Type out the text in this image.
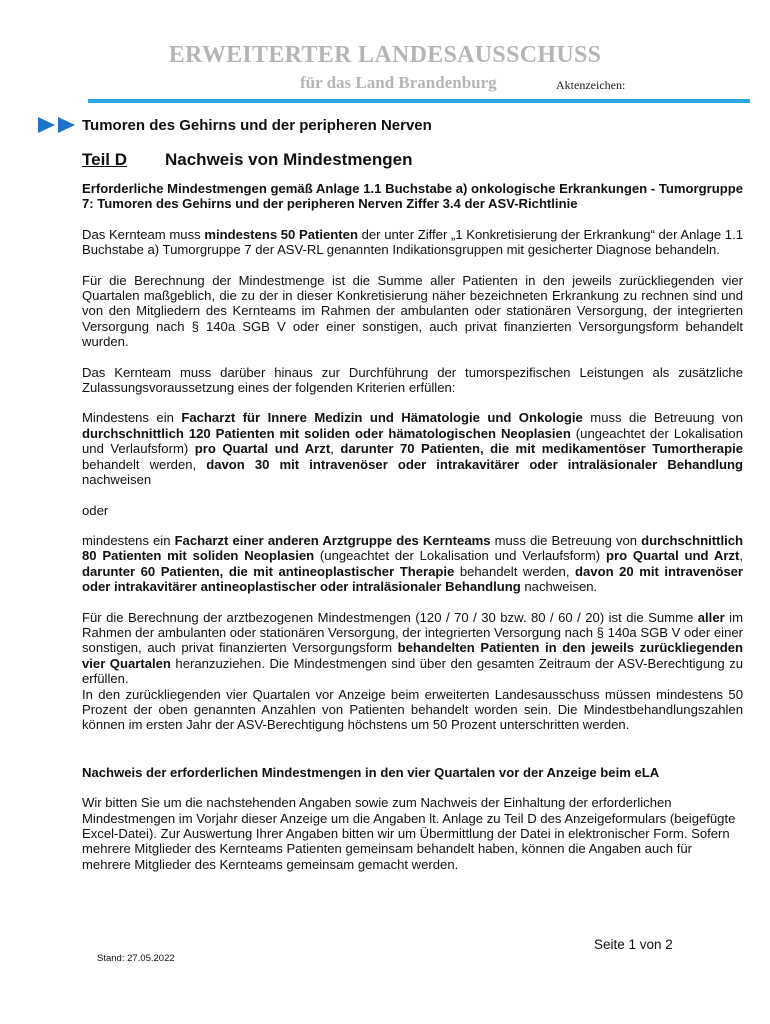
ERWEITERTER LANDESAUSSCHUSS
für das Land Brandenburg	Aktenzeichen:
Tumoren des Gehirns und der peripheren Nerven
Teil D Nachweis von Mindestmengen

Erforderliche Mindestmengen gemäß Anlage 1.1 Buchstabe a) onkologische Erkrankungen - Tumorgruppe 7: Tumoren des Gehirns und der peripheren Nerven Ziffer 3.4 der ASV-Richtlinie

Das Kernteam muss mindestens 50 Patienten der unter Ziffer „1 Konkretisierung der Erkrankung“ der Anlage 1.1 Buchstabe a) Tumorgruppe 7 der ASV-RL genannten Indikationsgruppen mit gesicherter Diagnose behandeln.

Für die Berechnung der Mindestmenge ist die Summe aller Patienten in den jeweils zurückliegenden vier Quartalen maßgeblich, die zu der in dieser Konkretisierung näher bezeichneten Erkrankung zu rechnen sind und von den Mitgliedern des Kernteams im Rahmen der ambulanten oder stationären Versorgung, der integrierten Versorgung nach § 140a SGB V oder einer sonstigen, auch privat finanzierten Versorgungsform behandelt wurden.

Das Kernteam muss darüber hinaus zur Durchführung der tumorspezifischen Leistungen als zusätzliche Zulassungsvoraussetzung eines der folgenden Kriterien erfüllen:

Mindestens ein Facharzt für Innere Medizin und Hämatologie und Onkologie muss die Betreuung von durchschnittlich 120 Patienten mit soliden oder hämatologischen Neoplasien (ungeachtet der Lokalisation und Verlaufsform) pro Quartal und Arzt, darunter 70 Patienten, die mit medikamentöser Tumortherapie behandelt werden, davon 30 mit intravenöser oder intrakavitärer oder intraläsionaler Behandlung nachweisen

oder

mindestens ein Facharzt einer anderen Arztgruppe des Kernteams muss die Betreuung von durchschnittlich 80 Patienten mit soliden Neoplasien (ungeachtet der Lokalisation und Verlaufsform) pro Quartal und Arzt, darunter 60 Patienten, die mit antineoplastischer Therapie behandelt werden, davon 20 mit intravenöser oder intrakavitärer antineoplastischer oder intraläsionaler Behandlung nachweisen.

Für die Berechnung der arztbezogenen Mindestmengen (120 / 70 / 30 bzw. 80 / 60 / 20) ist die Summe aller im Rahmen der ambulanten oder stationären Versorgung, der integrierten Versorgung nach § 140a SGB V oder einer sonstigen, auch privat finanzierten Versorgungsform behandelten Patienten in den jeweils zurückliegenden vier Quartalen heranzuziehen. Die Mindestmengen sind über den gesamten Zeitraum der ASV-Berechtigung zu erfüllen.

In den zurückliegenden vier Quartalen vor Anzeige beim erweiterten Landesausschuss müssen mindestens 50 Prozent der oben genannten Anzahlen von Patienten behandelt worden sein. Die Mindestbehandlungszahlen können im ersten Jahr der ASV-Berechtigung höchstens um 50 Prozent unterschritten werden.

Nachweis der erforderlichen Mindestmengen in den vier Quartalen vor der Anzeige beim eLA

Wir bitten Sie um die nachstehenden Angaben sowie zum Nachweis der Einhaltung der erforderlichen Mindestmengen im Vorjahr dieser Anzeige um die Angaben lt. Anlage zu Teil D des Anzeigeformulars (beigefügte Excel-Datei). Zur Auswertung Ihrer Angaben bitten wir um Übermittlung der Datei in elektronischer Form. Sofern mehrere Mitglieder des Kernteams Patienten gemeinsam behandelt haben, können die Angaben auch für mehrere Mitglieder des Kernteams gemeinsam gemacht werden.

Seite 1 von 2
Stand: 27.05.2022
